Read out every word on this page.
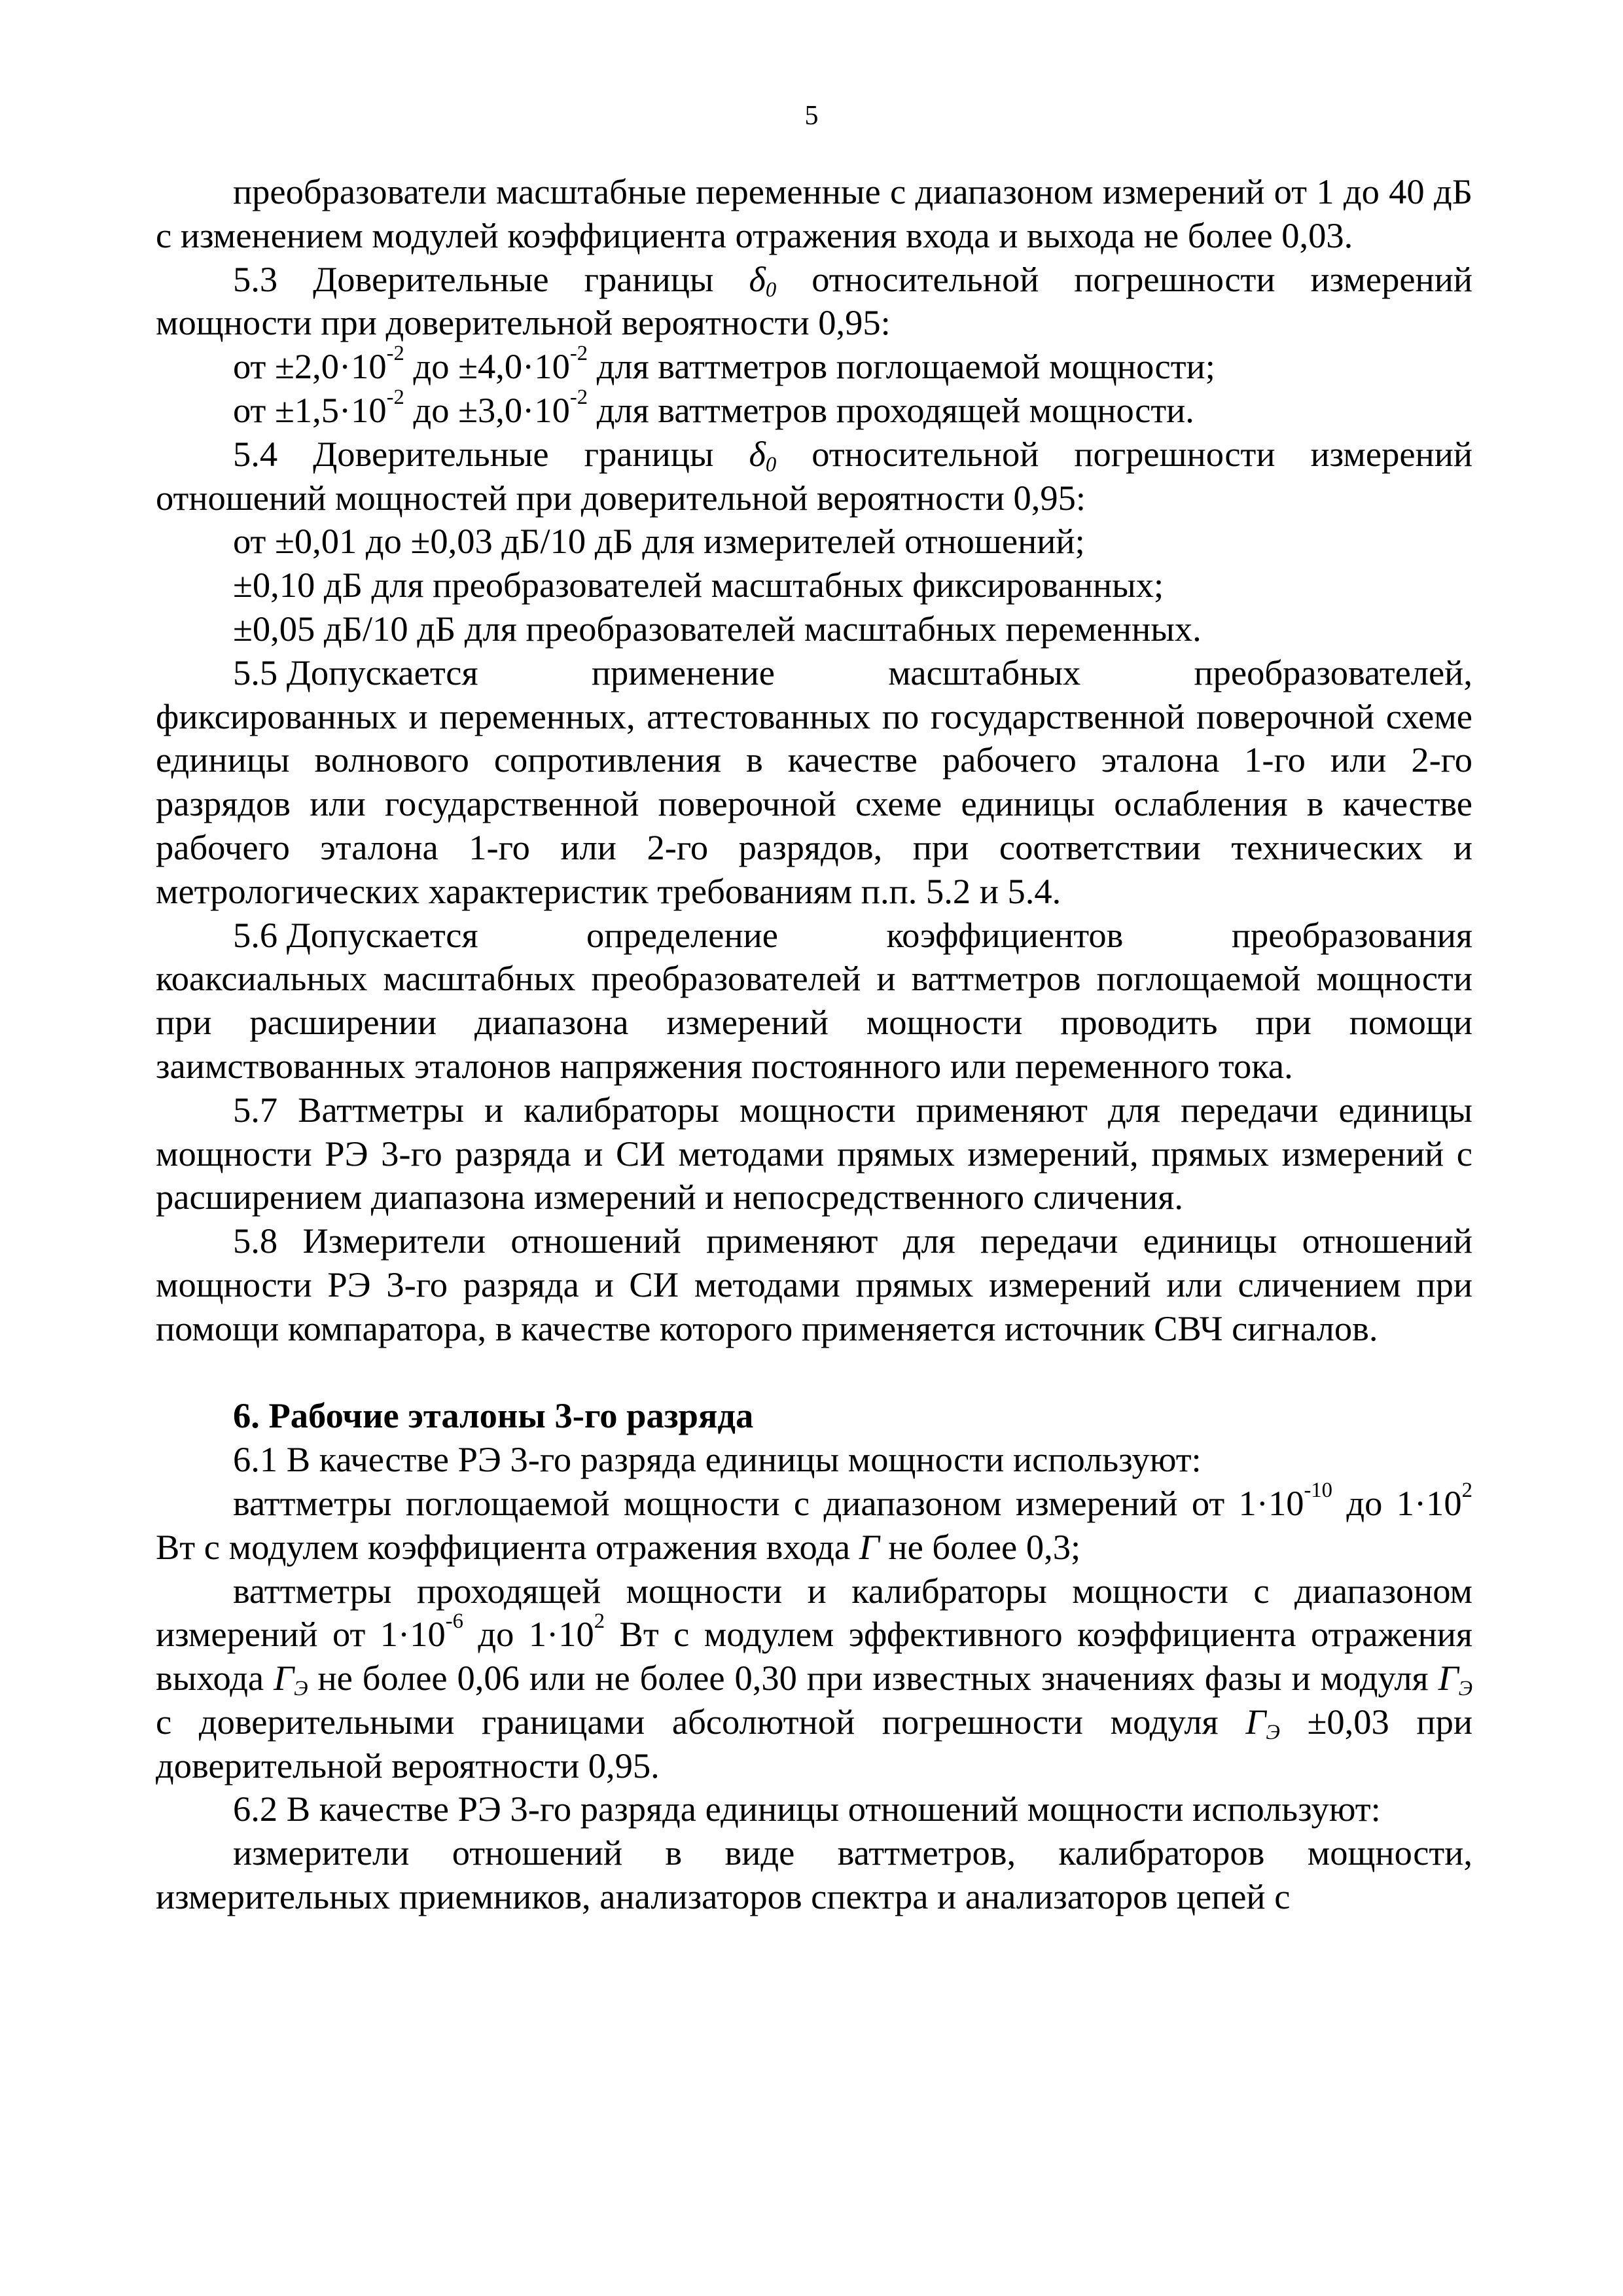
5

преобразователи масштабные переменные с диапазоном измерений от 1 до 40 дБ с изменением модулей коэффициента отражения входа и выхода не более 0,03.

5.3 Доверительные границы $\delta_0$ относительной погрешности измерений мощности при доверительной вероятности 0,95:

от $\pm 2,0\cdot 10^{-2}$ до $\pm 4,0\cdot 10^{-2}$ для ваттметров поглощаемой мощности;

от $\pm 1,5\cdot 10^{-2}$ до $\pm 3,0\cdot 10^{-2}$ для ваттметров проходящей мощности.

5.4 Доверительные границы $\delta_0$ относительной погрешности измерений отношений мощностей при доверительной вероятности 0,95:

от ±0,01 до ±0,03 дБ/10 дБ для измерителей отношений;

±0,10 дБ для преобразователей масштабных фиксированных;

±0,05 дБ/10 дБ для преобразователей масштабных переменных.

5.5 Допускается	применение	масштабных	преобразователей,

фиксированных и переменных, аттестованных по государственной поверочной схеме единицы волнового сопротивления в качестве рабочего эталона 1-го или 2-го разрядов или государственной поверочной схеме единицы ослабления в качестве рабочего эталона 1-го или 2-го разрядов, при соответствии технических и метрологических характеристик требованиям п.п. 5.2 и 5.4.

5.6 Допускается	определение	коэффициентов	преобразования

коаксиальных масштабных преобразователей и ваттметров поглощаемой мощности при расширении диапазона измерений мощности проводить при помощи заимствованных эталонов напряжения постоянного или переменного тока.

5.7 Ваттметры и калибраторы мощности применяют для передачи единицы мощности РЭ 3-го разряда и СИ методами прямых измерений, прямых измерений с расширением диапазона измерений и непосредственного сличения.

5.8 Измерители отношений применяют для передачи единицы отношений мощности РЭ 3-го разряда и СИ методами прямых измерений или сличением при помощи компаратора, в качестве которого применяется источник СВЧ сигналов.

6. Рабочие эталоны 3-го разряда

6.1 В качестве РЭ 3-го разряда единицы мощности используют:

ваттметры поглощаемой мощности с диапазоном измерений от $1\cdot 10^{-10}$ до $1\cdot 10^2$ Вт с модулем коэффициента отражения входа Г не более 0,3;

ваттметры проходящей мощности и калибраторы мощности с диапазоном измерений от $1\cdot 10^{-6}$ до $1\cdot 10^2$ Вт с модулем эффективного коэффициента отражения выхода $Г_Э$ не более 0,06 или не более 0,30 при известных значениях фазы и модуля $Г_Э$ с доверительными границами абсолютной погрешности модуля $Г_Э \pm 0,03$ при доверительной вероятности 0,95.

6.2 В качестве РЭ 3-го разряда единицы отношений мощности используют:

измерители отношений в виде ваттметров, калибраторов мощности, измерительных приемников, анализаторов спектра и анализаторов цепей с
